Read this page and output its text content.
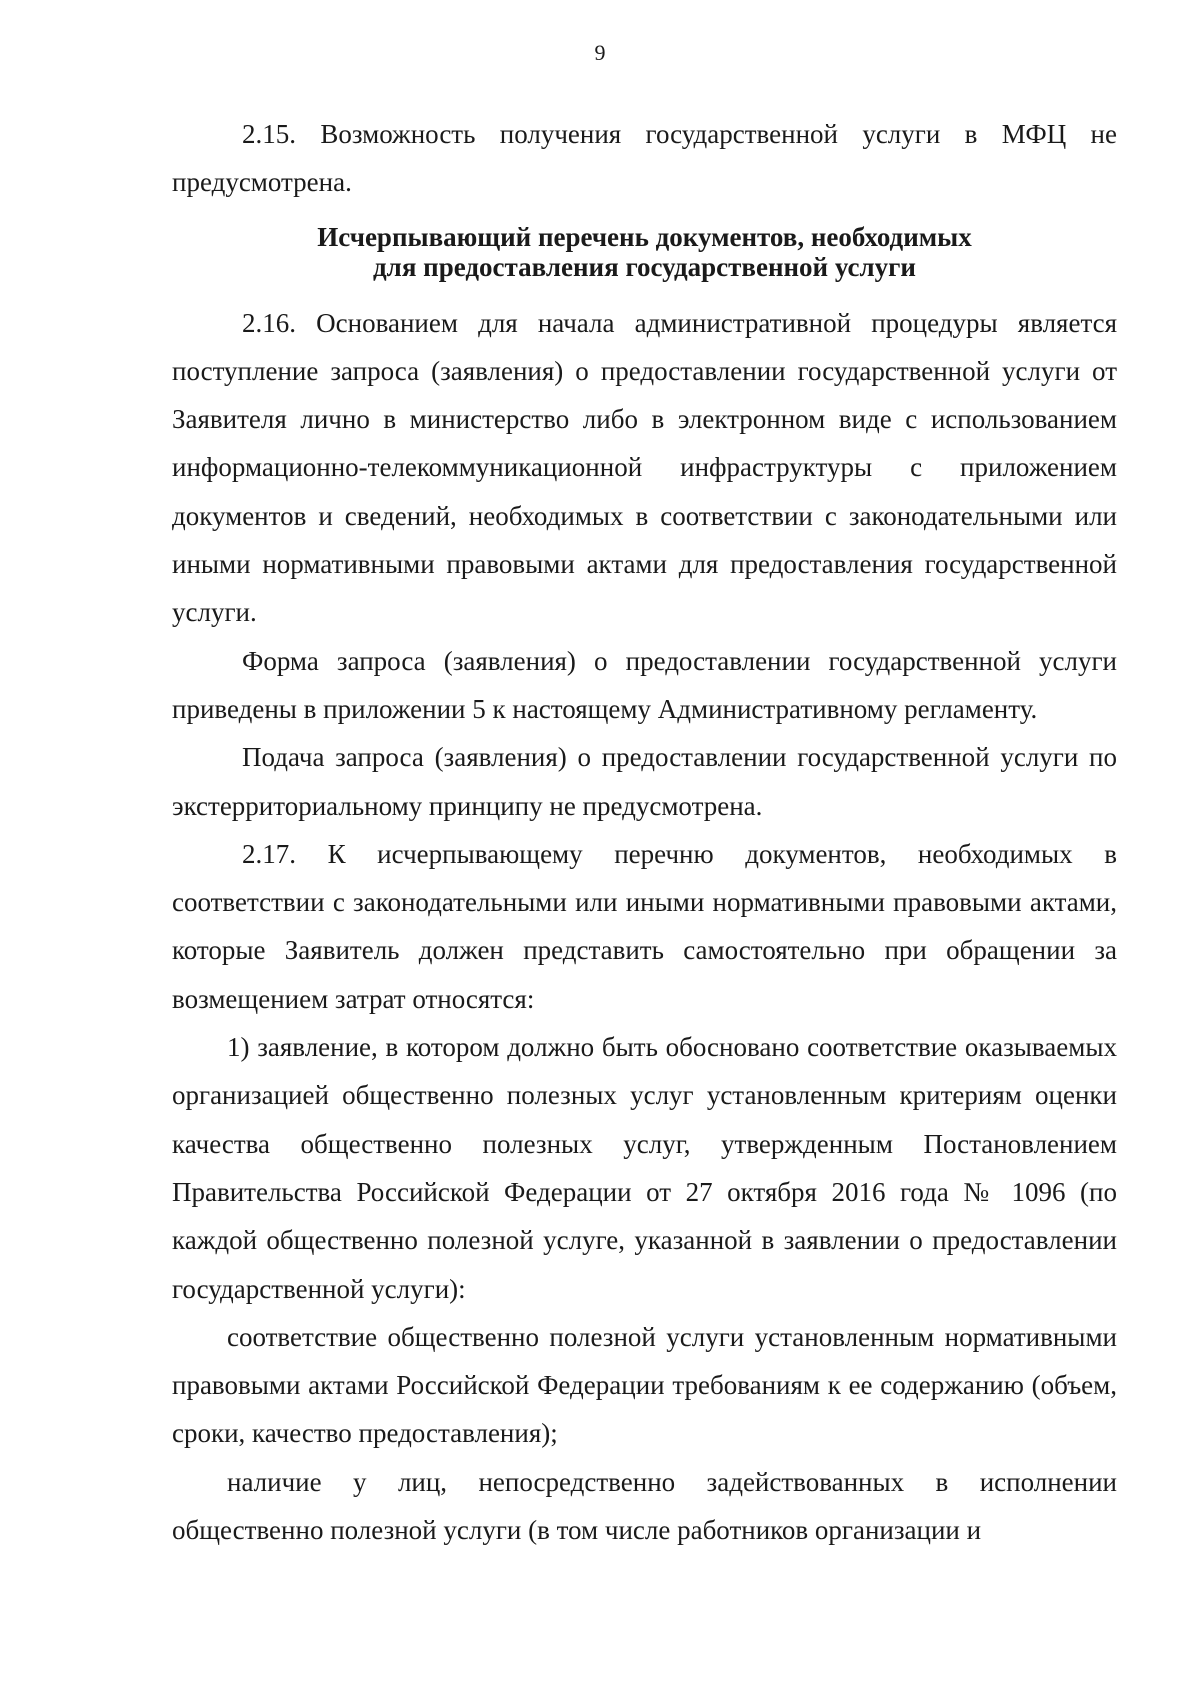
9

2.15. Возможность получения государственной услуги в МФЦ не предусмотрена.

Исчерпывающий перечень документов, необходимых
для предоставления государственной услуги

2.16. Основанием для начала административной процедуры является поступление запроса (заявления) о предоставлении государственной услуги от Заявителя лично в министерство либо в электронном виде с использованием информационно-телекоммуникационной инфраструктуры с приложением документов и сведений, необходимых в соответствии с законодательными или иными нормативными правовыми актами для предоставления государственной услуги.

Форма запроса (заявления) о предоставлении государственной услуги приведены в приложении 5 к настоящему Административному регламенту.

Подача запроса (заявления) о предоставлении государственной услуги по экстерриториальному принципу не предусмотрена.

2.17. К исчерпывающему перечню документов, необходимых в соответствии с законодательными или иными нормативными правовыми актами, которые Заявитель должен представить самостоятельно при обращении за возмещением затрат относятся:

1) заявление, в котором должно быть обосновано соответствие оказываемых организацией общественно полезных услуг установленным критериям оценки качества общественно полезных услуг, утвержденным Постановлением Правительства Российской Федерации от 27 октября 2016 года № 1096 (по каждой общественно полезной услуге, указанной в заявлении о предоставлении государственной услуги):

соответствие общественно полезной услуги установленным нормативными правовыми актами Российской Федерации требованиям к ее содержанию (объем, сроки, качество предоставления);

наличие у лиц, непосредственно задействованных в исполнении общественно полезной услуги (в том числе работников организации и
